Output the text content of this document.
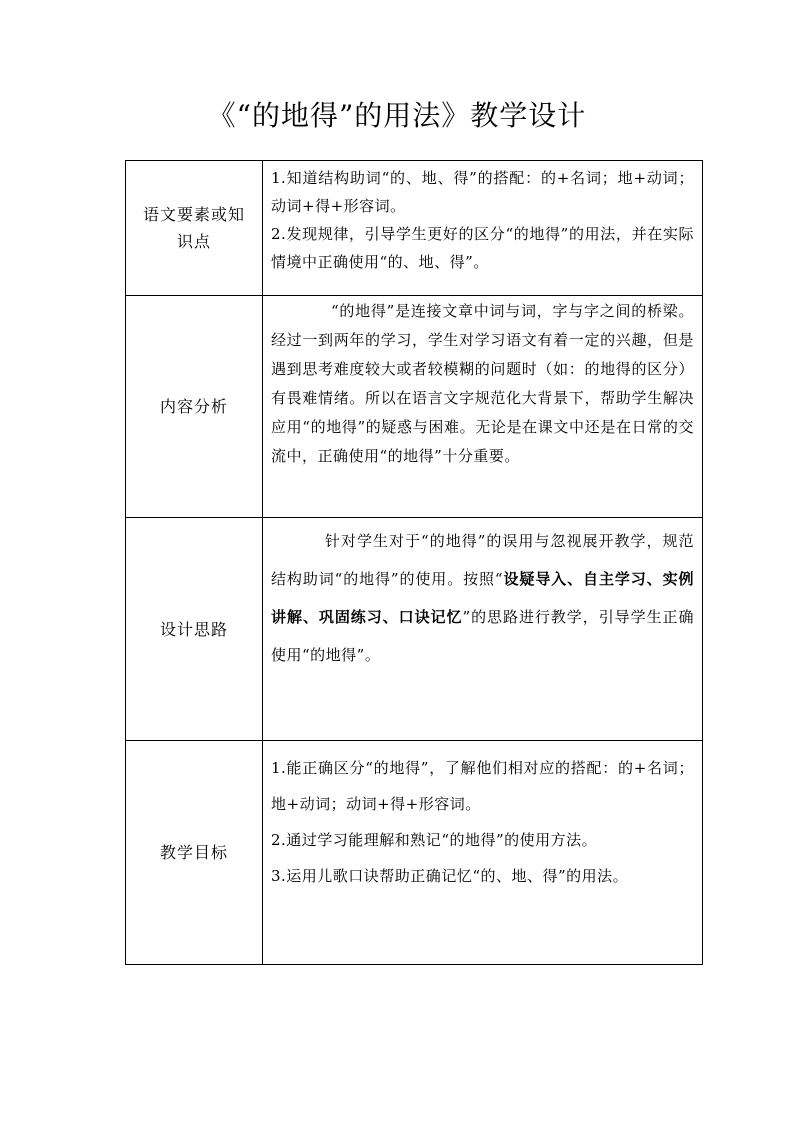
《“的地得”的用法》教学设计
语文要素或知识点	1.知道结构助词“的、地、得”的搭配：的+名词；地+动词；动词+得+形容词。

2.发现规律，引导学生更好的区分“的地得”的用法，并在实际情境中正确使用“的、地、得”。

内容分析	“的地得”是连接文章中词与词，字与字之间的桥梁。经过一到两年的学习，学生对学习语文有着一定的兴趣，但是遇到思考难度较大或者较模糊的问题时（如：的地得的区分）有畏难情绪。所以在语言文字规范化大背景下，帮助学生解决应用“的地得”的疑惑与困难。无论是在课文中还是在日常的交流中，正确使用“的地得”十分重要。

设计思路	针对学生对于“的地得”的误用与忽视展开教学，规范结构助词“的地得”的使用。按照“设疑导入、自主学习、实例讲解、巩固练习、口诀记忆”的思路进行教学，引导学生正确使用“的地得”。

教学目标	1.能正确区分“的地得”，了解他们相对应的搭配：的+名词；地+动词；动词+得+形容词。

2.通过学习能理解和熟记“的地得”的使用方法。

3.运用儿歌口诀帮助正确记忆“的、地、得”的用法。
